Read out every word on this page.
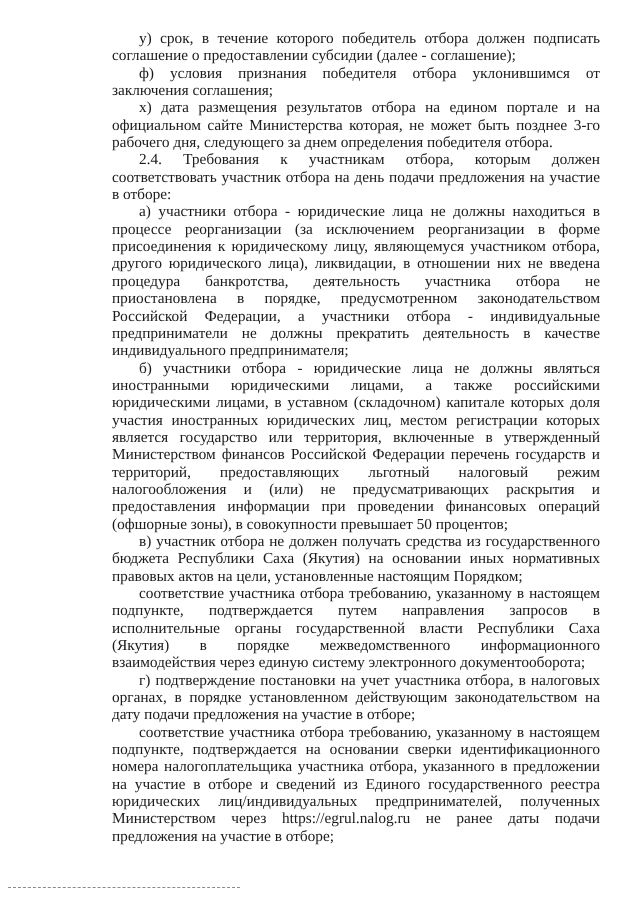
у) срок, в течение которого победитель отбора должен подписать соглашение о предоставлении субсидии (далее - соглашение);

ф) условия признания победителя отбора уклонившимся от заключения соглашения;

х) дата размещения результатов отбора на едином портале и на официальном сайте Министерства которая, не может быть позднее 3-го рабочего дня, следующего за днем определения победителя отбора.

2.4. Требования к участникам отбора, которым должен соответствовать участник отбора на день подачи предложения на участие в отборе:

а) участники отбора - юридические лица не должны находиться в процессе реорганизации (за исключением реорганизации в форме присоединения к юридическому лицу, являющемуся участником отбора, другого юридического лица), ликвидации, в отношении них не введена процедура банкротства, деятельность участника отбора не приостановлена в порядке, предусмотренном законодательством Российской Федерации, а участники отбора - индивидуальные предприниматели не должны прекратить деятельность в качестве индивидуального предпринимателя;

б) участники отбора - юридические лица не должны являться иностранными юридическими лицами, а также российскими юридическими лицами, в уставном (складочном) капитале которых доля участия иностранных юридических лиц, местом регистрации которых является государство или территория, включенные в утвержденный Министерством финансов Российской Федерации перечень государств и территорий, предоставляющих льготный налоговый режим налогообложения и (или) не предусматривающих раскрытия и предоставления информации при проведении финансовых операций (офшорные зоны), в совокупности превышает 50 процентов;

в) участник отбора не должен получать средства из государственного бюджета Республики Саха (Якутия) на основании иных нормативных правовых актов на цели, установленные настоящим Порядком;

соответствие участника отбора требованию, указанному в настоящем подпункте, подтверждается путем направления запросов в исполнительные органы государственной власти Республики Саха (Якутия) в порядке межведомственного информационного взаимодействия через единую систему электронного документооборота;

г) подтверждение постановки на учет участника отбора, в налоговых органах, в порядке установленном действующим законодательством на дату подачи предложения на участие в отборе;

соответствие участника отбора требованию, указанному в настоящем подпункте, подтверждается на основании сверки идентификационного номера налогоплательщика участника отбора, указанного в предложении на участие в отборе и сведений из Единого государственного реестра юридических лиц/индивидуальных предпринимателей, полученных Министерством через https://egrul.nalog.ru не ранее даты подачи предложения на участие в отборе;
